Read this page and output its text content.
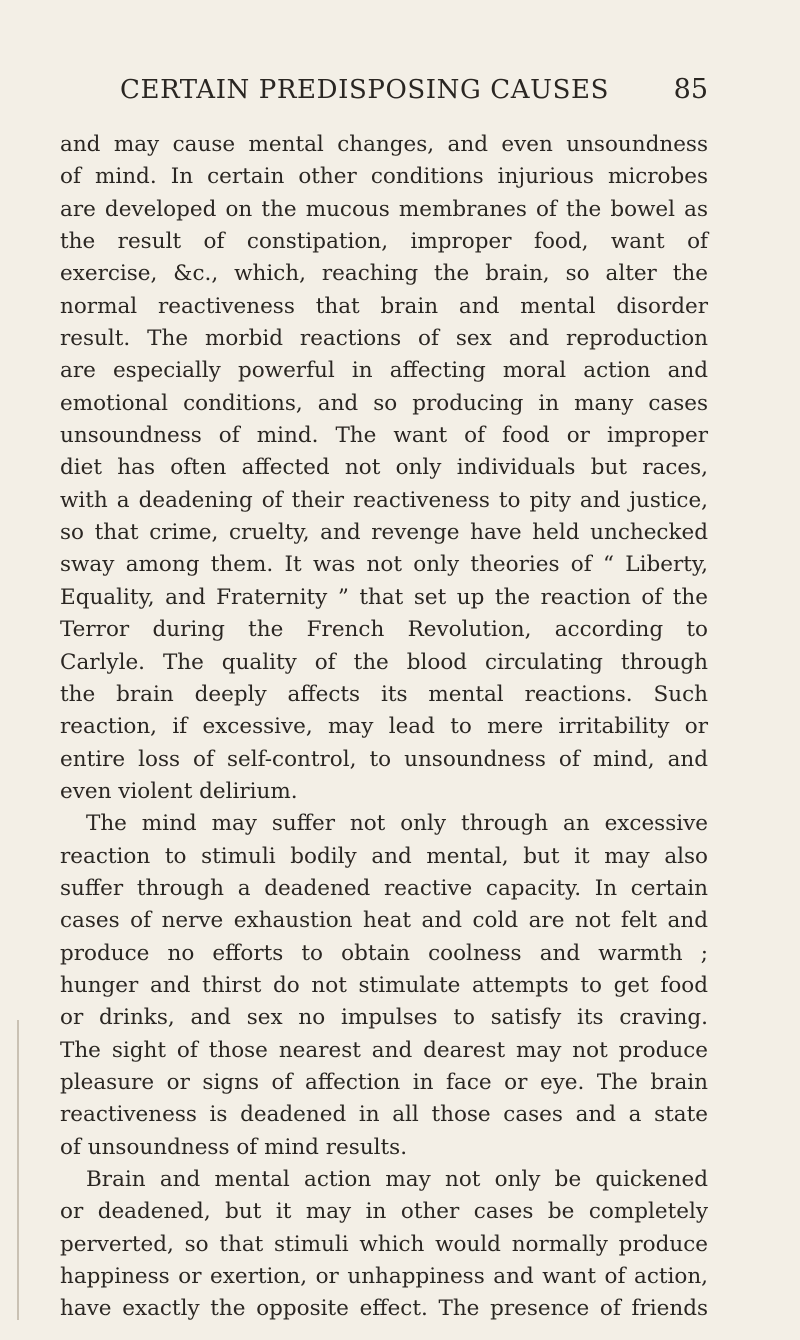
CERTAIN PREDISPOSING CAUSES 85
and may cause mental changes, and even unsoundness
of mind. In certain other conditions injurious microbes
are developed on the mucous membranes of the bowel as
the result of constipation, improper food, want of
exercise, &c., which, reaching the brain, so alter the
normal reactiveness that brain and mental disorder
result. The morbid reactions of sex and reproduction
are especially powerful in affecting moral action and
emotional conditions, and so producing in many cases
unsoundness of mind. The want of food or improper
diet has often affected not only individuals but races,
with a deadening of their reactiveness to pity and justice,
so that crime, cruelty, and revenge have held unchecked
sway among them. It was not only theories of “ Liberty,
Equality, and Fraternity ” that set up the reaction of the
Terror during the French Revolution, according to
Carlyle. The quality of the blood circulating through
the brain deeply affects its mental reactions. Such
reaction, if excessive, may lead to mere irritability or
entire loss of self-control, to unsoundness of mind, and
even violent delirium.
The mind may suffer not only through an excessive
reaction to stimuli bodily and mental, but it may also
suffer through a deadened reactive capacity. In certain
cases of nerve exhaustion heat and cold are not felt and
produce no efforts to obtain coolness and warmth ;
hunger and thirst do not stimulate attempts to get food
or drinks, and sex no impulses to satisfy its craving.
The sight of those nearest and dearest may not produce
pleasure or signs of affection in face or eye. The brain
reactiveness is deadened in all those cases and a state
of unsoundness of mind results.
Brain and mental action may not only be quickened
or deadened, but it may in other cases be completely
perverted, so that stimuli which would normally produce
happiness or exertion, or unhappiness and want of action,
have exactly the opposite effect. The presence of friends
